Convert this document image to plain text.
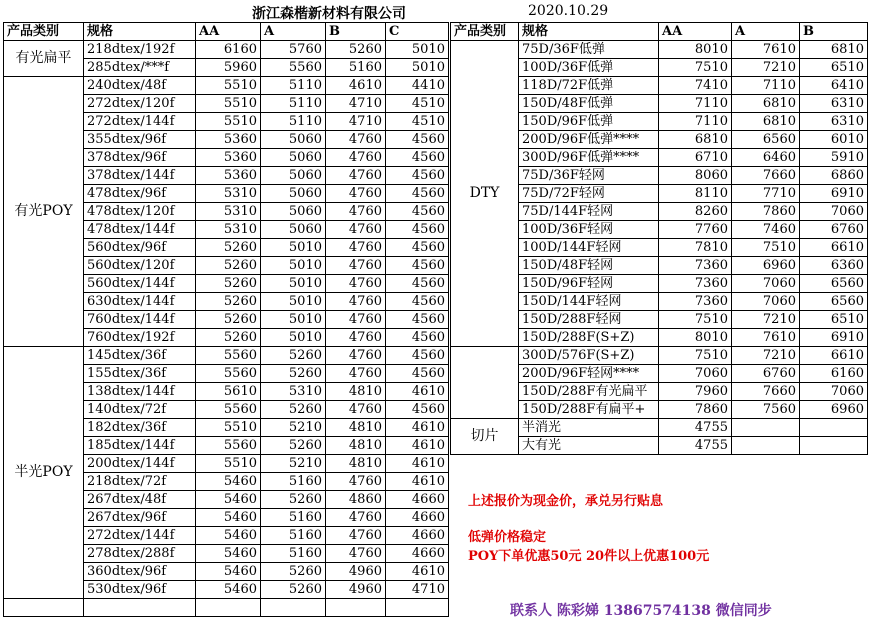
浙江森楷新材料有限公司	2020.10.29
产品类别	规格	AA	A	B	C
有光扁平	218dtex/192f	6160	5760	5260	5010
	285dtex/***f	5960	5560	5160	5010
有光POY	240dtex/48f	5510	5110	4610	4410
	272dtex/120f	5510	5110	4710	4510
	272dtex/144f	5510	5110	4710	4510
	355dtex/96f	5360	5060	4760	4560
	378dtex/96f	5360	5060	4760	4560
	378dtex/144f	5360	5060	4760	4560
	478dtex/96f	5310	5060	4760	4560
	478dtex/120f	5310	5060	4760	4560
	478dtex/144f	5310	5060	4760	4560
	560dtex/96f	5260	5010	4760	4560
	560dtex/120f	5260	5010	4760	4560
	560dtex/144f	5260	5010	4760	4560
	630dtex/144f	5260	5010	4760	4560
	760dtex/144f	5260	5010	4760	4560
	760dtex/192f	5260	5010	4760	4560
半光POY	145dtex/36f	5560	5260	4760	4560
	155dtex/36f	5560	5260	4760	4560
	138dtex/144f	5610	5310	4810	4610
	140dtex/72f	5560	5260	4760	4560
	182dtex/36f	5510	5210	4810	4610
	185dtex/144f	5560	5260	4810	4610
	200dtex/144f	5510	5210	4810	4610
	218dtex/72f	5460	5160	4760	4610
	267dtex/48f	5460	5260	4860	4660
	267dtex/96f	5460	5160	4760	4660
	272dtex/144f	5460	5160	4760	4660
	278dtex/288f	5460	5160	4760	4660
	360dtex/96f	5460	5260	4960	4610
	530dtex/96f	5460	5260	4960	4710

产品类别	规格	AA	A	B
DTY	75D/36F低弹	8010	7610	6810
	100D/36F低弹	7510	7210	6510
	118D/72F低弹	7410	7110	6410
	150D/48F低弹	7110	6810	6310
	150D/96F低弹	7110	6810	6310
	200D/96F低弹****	6810	6560	6010
	300D/96F低弹****	6710	6460	5910
	75D/36F轻网	8060	7660	6860
	75D/72F轻网	8110	7710	6910
	75D/144F轻网	8260	7860	7060
	100D/36F轻网	7760	7460	6760
	100D/144F轻网	7810	7510	6610
	150D/48F轻网	7360	6960	6360
	150D/96F轻网	7360	7060	6560
	150D/144F轻网	7360	7060	6560
	150D/288F轻网	7510	7210	6510
	150D/288F(S+Z)	8010	7610	6910
	300D/576F(S+Z)	7510	7210	6610
	200D/96F轻网****	7060	6760	6160
	150D/288F有光扁平	7960	7660	7060
	150D/288F有扁平+	7860	7560	6960
切片	半消光	4755		
	大有光	4755		
上述报价为现金价，承兑另行贴息
低弹价格稳定
POY下单优惠50元 20件以上优惠100元
联系人 陈彩娣 13867574138 微信同步
